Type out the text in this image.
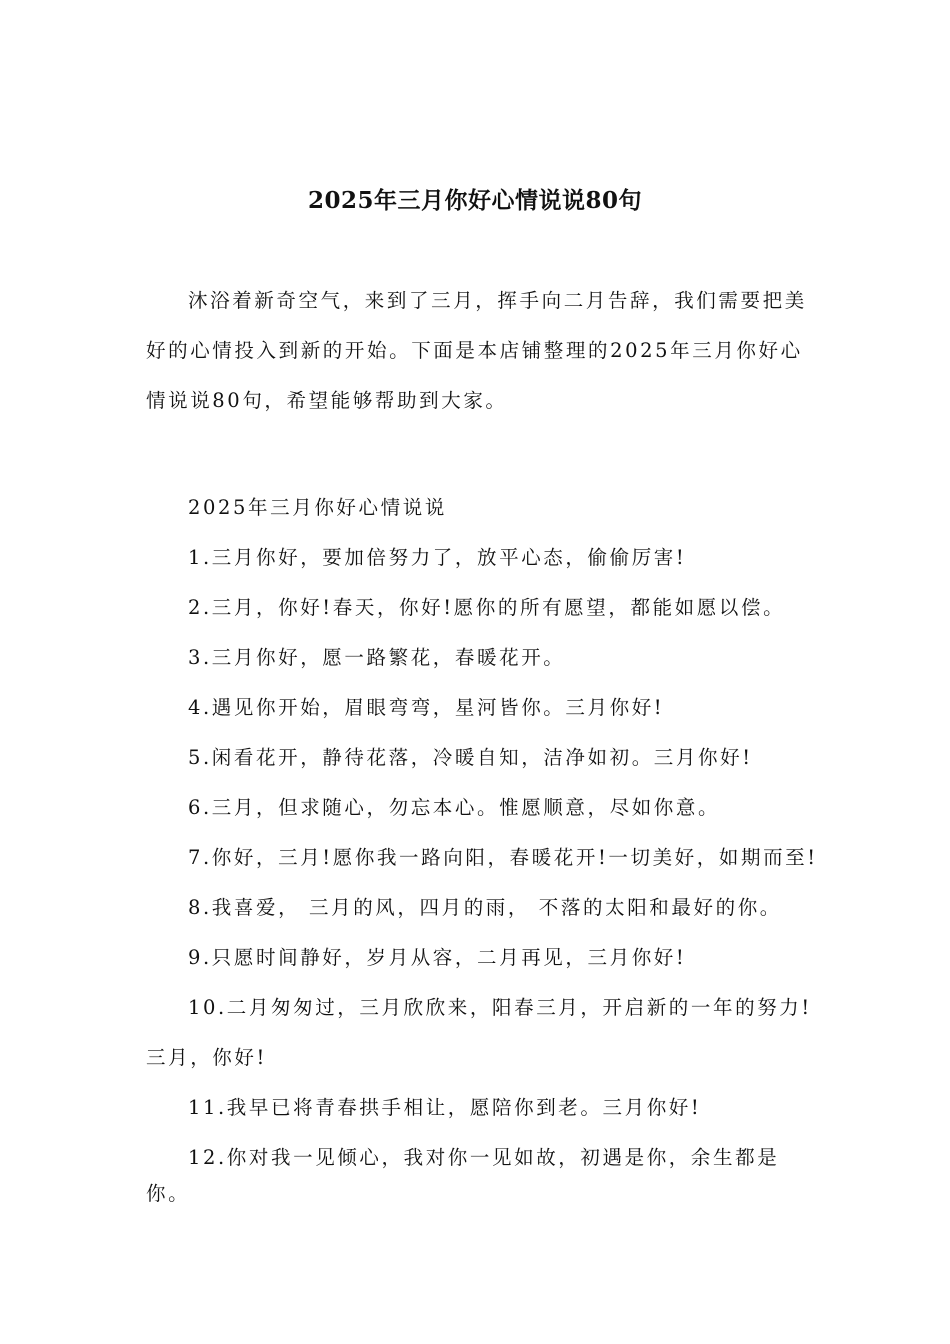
2025年三月你好心情说说80句

沐浴着新奇空气，来到了三月，挥手向二月告辞，我们需要把美好的心情投入到新的开始。下面是本店铺整理的2025年三月你好心情说说80句，希望能够帮助到大家。

2025年三月你好心情说说

1.三月你好，要加倍努力了，放平心态，偷偷厉害!

2.三月，你好!春天，你好!愿你的所有愿望，都能如愿以偿。

3.三月你好，愿一路繁花，春暖花开。

4.遇见你开始，眉眼弯弯，星河皆你。三月你好!

5.闲看花开，静待花落，冷暖自知，洁净如初。三月你好!

6.三月，但求随心，勿忘本心。惟愿顺意，尽如你意。

7.你好，三月!愿你我一路向阳，春暖花开!一切美好，如期而至!

8.我喜爱， 三月的风，四月的雨， 不落的太阳和最好的你。

9.只愿时间静好，岁月从容，二月再见，三月你好!

10.二月匆匆过，三月欣欣来，阳春三月，开启新的一年的努力!三月，你好!

11.我早已将青春拱手相让，愿陪你到老。三月你好!

12.你对我一见倾心，我对你一见如故，初遇是你，余生都是你。
